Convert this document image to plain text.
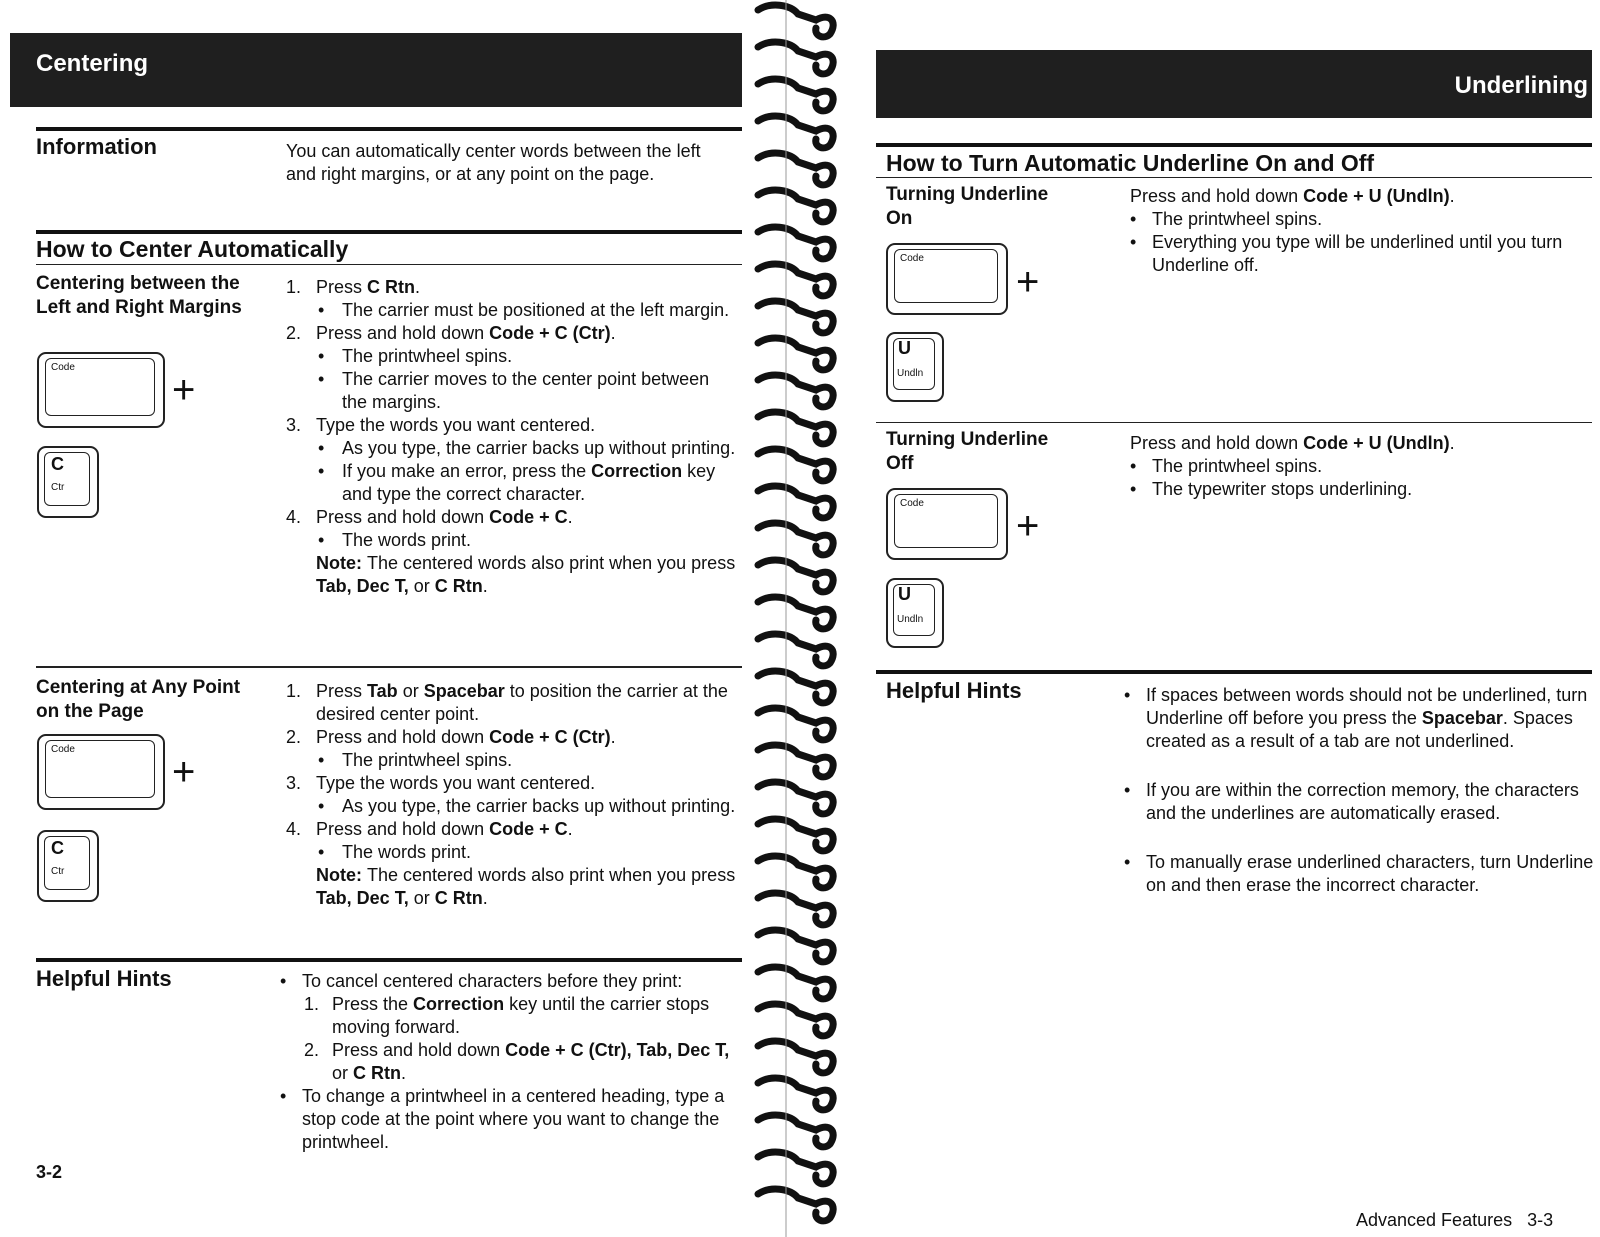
Centering
Information	You can automatically center words between the left and right margins, or at any point on the page.
How to Center Automatically
Centering between the Left and Right Margins
1. Press C Rtn.
• The carrier must be positioned at the left margin.
2. Press and hold down Code + C (Ctr).
• The printwheel spins.
• The carrier moves to the center point between the margins.
3. Type the words you want centered.
• As you type, the carrier backs up without printing.
• If you make an error, press the Correction key and type the correct character.
4. Press and hold down Code + C.
• The words print.
Note: The centered words also print when you press Tab, Dec T, or C Rtn.
Code
+
C
Ctr
Centering at Any Point on the Page
1. Press Tab or Spacebar to position the carrier at the desired center point.
2. Press and hold down Code + C (Ctr).
• The printwheel spins.
3. Type the words you want centered.
• As you type, the carrier backs up without printing.
4. Press and hold down Code + C.
• The words print.
Note: The centered words also print when you press Tab, Dec T, or C Rtn.
Code
+
C
Ctr
Helpful Hints	• To cancel centered characters before they print:
1. Press the Correction key until the carrier stops moving forward.
2. Press and hold down Code + C (Ctr), Tab, Dec T, or C Rtn.
• To change a printwheel in a centered heading, type a stop code at the point where you want to change the printwheel.
3-2
Underlining
How to Turn Automatic Underline On and Off
Turning Underline On
Press and hold down Code + U (Undln).
• The printwheel spins.
• Everything you type will be underlined until you turn Underline off.
Code
+
U
Undln
Turning Underline Off
Press and hold down Code + U (Undln).
• The printwheel spins.
• The typewriter stops underlining.
Code
+
U
Undln
Helpful Hints	• If spaces between words should not be underlined, turn Underline off before you press the Spacebar. Spaces created as a result of a tab are not underlined.
• If you are within the correction memory, the characters and the underlines are automatically erased.
• To manually erase underlined characters, turn Underline on and then erase the incorrect character.
Advanced Features   3-3
